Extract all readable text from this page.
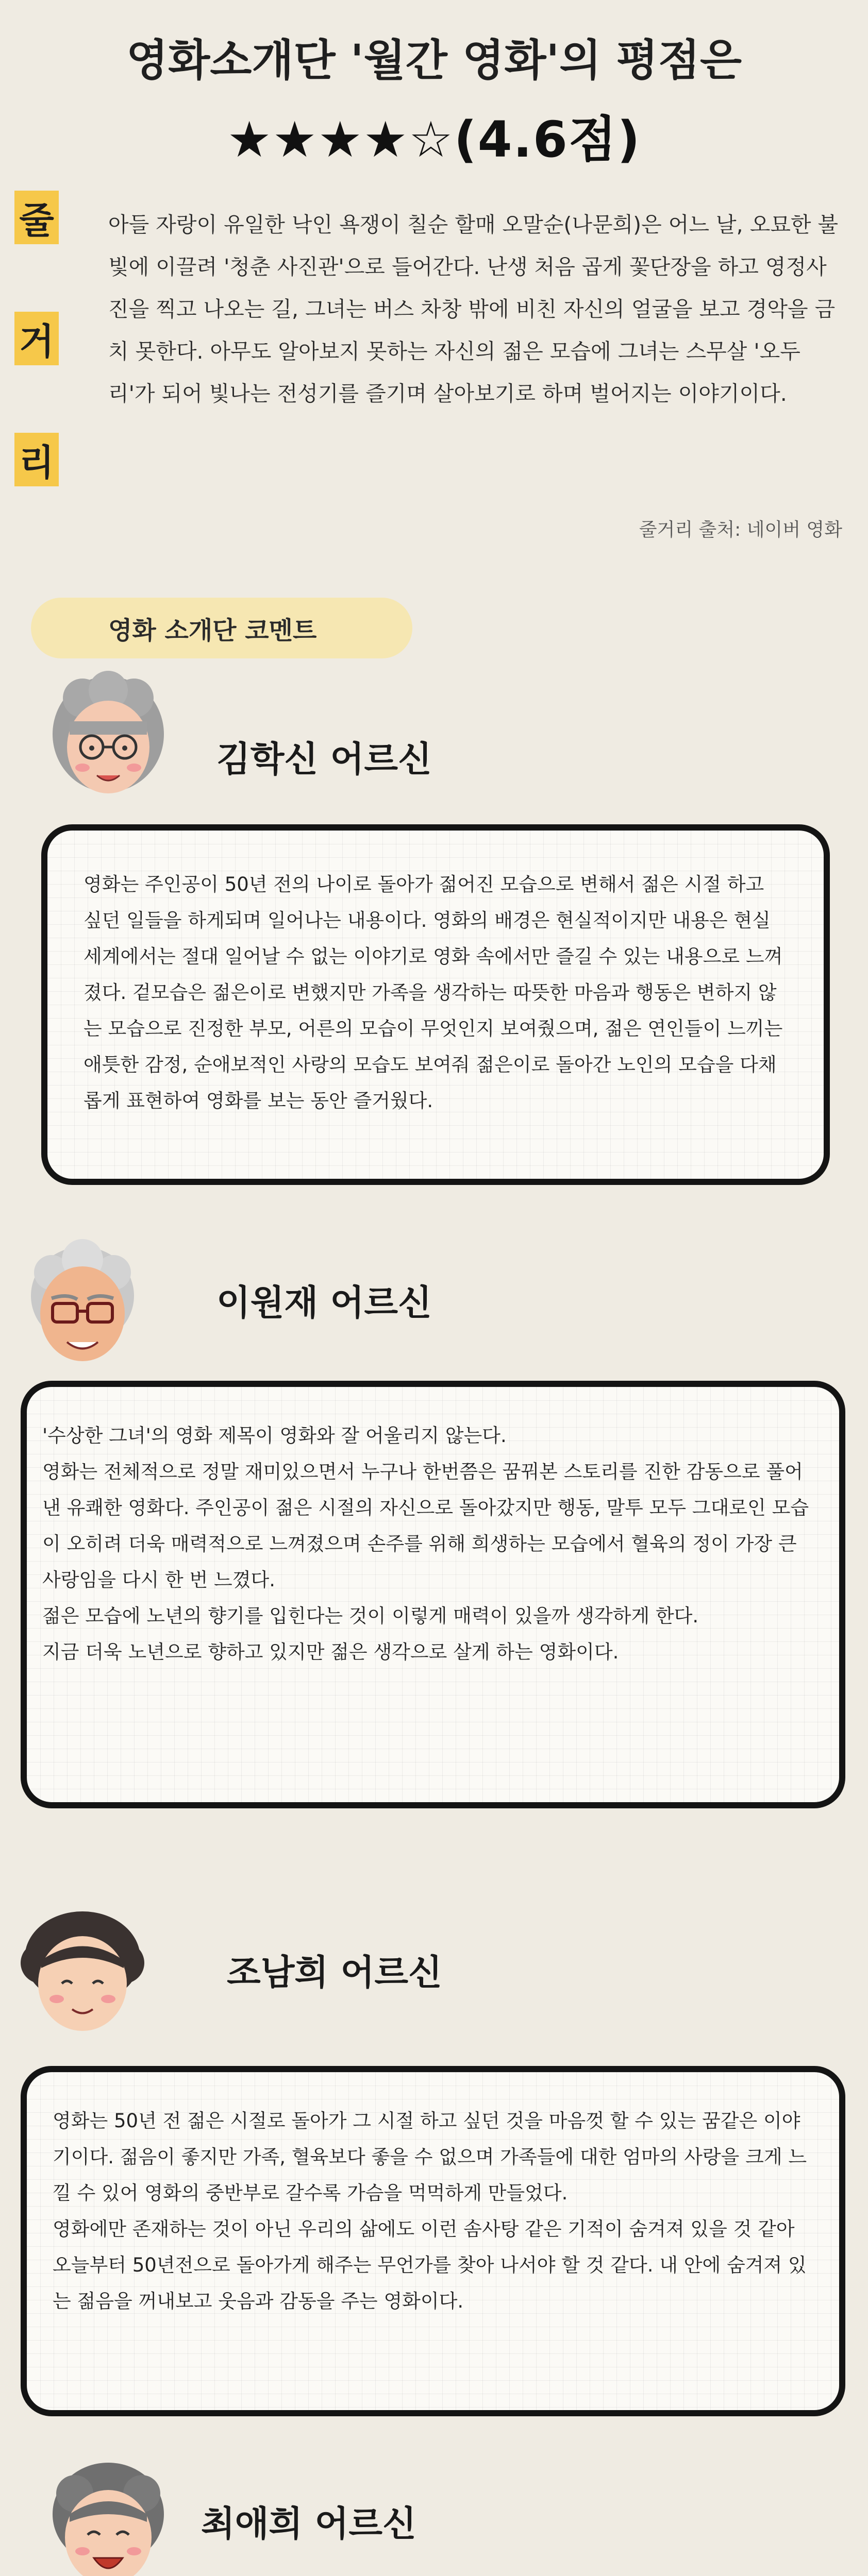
영화소개단 '월간 영화'의 평점은
★★★★☆(4.6점)
줄
거
리
아들 자랑이 유일한 낙인 욕쟁이 칠순 할매 오말순(나문희)은 어느 날, 오묘한 불빛에 이끌려 '청춘 사진관'으로 들어간다. 난생 처음 곱게 꽃단장을 하고 영정사진을 찍고 나오는 길, 그녀는 버스 차창 밖에 비친 자신의 얼굴을 보고 경악을 금치 못한다. 아무도 알아보지 못하는 자신의 젊은 모습에 그녀는 스무살 '오두리'가 되어 빛나는 전성기를 즐기며 살아보기로 하며 벌어지는 이야기이다.
줄거리 출처: 네이버 영화
영화 소개단 코멘트
김학신 어르신
영화는 주인공이 50년 전의 나이로 돌아가 젊어진 모습으로 변해서 젊은 시절 하고 싶던 일들을 하게되며 일어나는 내용이다. 영화의 배경은 현실적이지만 내용은 현실 세계에서는 절대 일어날 수 없는 이야기로 영화 속에서만 즐길 수 있는 내용으로 느껴졌다. 겉모습은 젊은이로 변했지만 가족을 생각하는 따뜻한 마음과 행동은 변하지 않는 모습으로 진정한 부모, 어른의 모습이 무엇인지 보여줬으며, 젊은 연인들이 느끼는 애틋한 감정, 순애보적인 사랑의 모습도 보여줘 젊은이로 돌아간 노인의 모습을 다채롭게 표현하여 영화를 보는 동안 즐거웠다.
이원재 어르신
'수상한 그녀'의 영화 제목이 영화와 잘 어울리지 않는다.
영화는 전체적으로 정말 재미있으면서 누구나 한번쯤은 꿈꿔본 스토리를 진한 감동으로 풀어낸 유쾌한 영화다. 주인공이 젊은 시절의 자신으로 돌아갔지만 행동, 말투 모두 그대로인 모습이 오히려 더욱 매력적으로 느껴졌으며 손주를 위해 희생하는 모습에서 혈육의 정이 가장 큰 사랑임을 다시 한 번 느꼈다.
젊은 모습에 노년의 향기를 입힌다는 것이 이렇게 매력이 있을까 생각하게 한다.
지금 더욱 노년으로 향하고 있지만 젊은 생각으로 살게 하는 영화이다.
조남희 어르신
영화는 50년 전 젊은 시절로 돌아가 그 시절 하고 싶던 것을 마음껏 할 수 있는 꿈같은 이야기이다. 젊음이 좋지만 가족, 혈육보다 좋을 수 없으며 가족들에 대한 엄마의 사랑을 크게 느낄 수 있어 영화의 중반부로 갈수록 가슴을 먹먹하게 만들었다.
영화에만 존재하는 것이 아닌 우리의 삶에도 이런 솜사탕 같은 기적이 숨겨져 있을 것 같아 오늘부터 50년전으로 돌아가게 해주는 무언가를 찾아 나서야 할 것 같다. 내 안에 숨겨져 있는 젊음을 꺼내보고 웃음과 감동을 주는 영화이다.
최애희 어르신
